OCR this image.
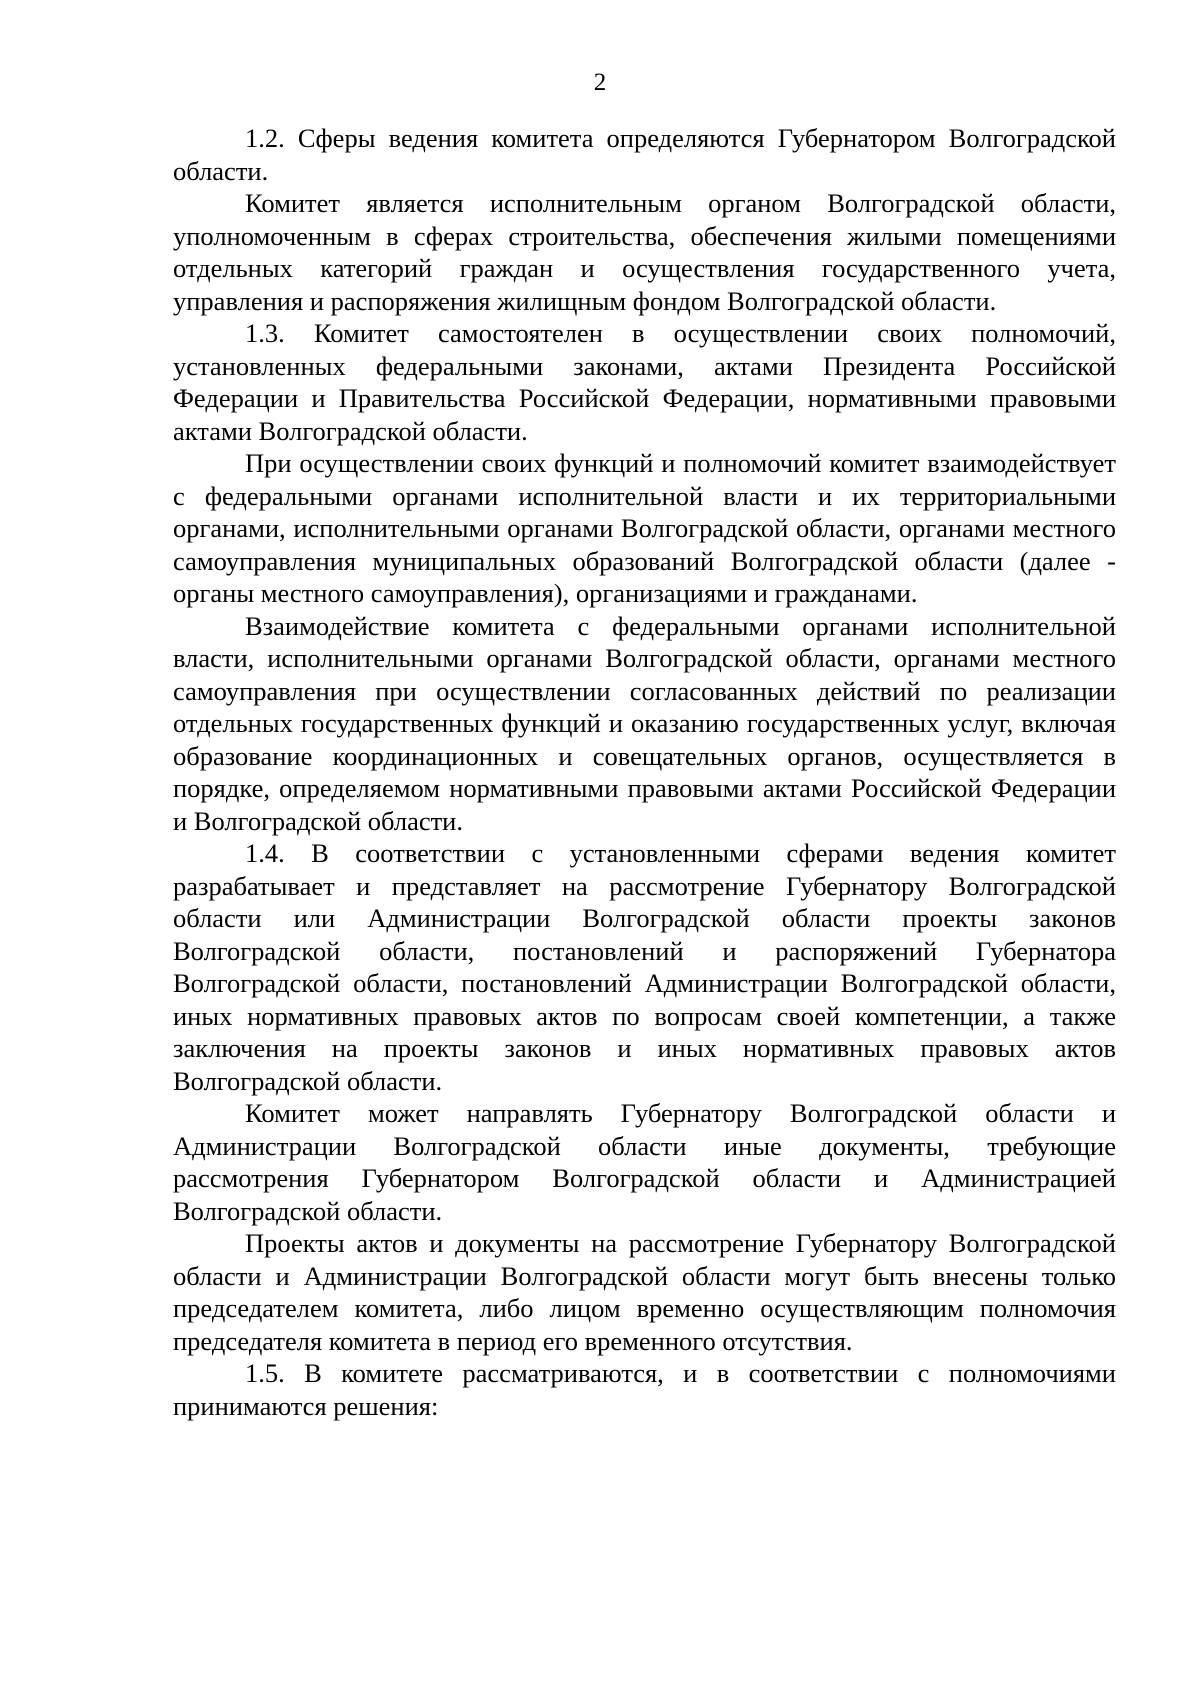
2

1.2. Сферы ведения комитета определяются Губернатором Волгоградской области.

Комитет является исполнительным органом Волгоградской области, уполномоченным в сферах строительства, обеспечения жилыми помещениями отдельных категорий граждан и осуществления государственного учета, управления и распоряжения жилищным фондом Волгоградской области.

1.3. Комитет самостоятелен в осуществлении своих полномочий, установленных федеральными законами, актами Президента Российской Федерации и Правительства Российской Федерации, нормативными правовыми актами Волгоградской области.

При осуществлении своих функций и полномочий комитет взаимодействует с федеральными органами исполнительной власти и их территориальными органами, исполнительными органами Волгоградской области, органами местного самоуправления муниципальных образований Волгоградской области (далее - органы местного самоуправления), организациями и гражданами.

Взаимодействие комитета с федеральными органами исполнительной власти, исполнительными органами Волгоградской области, органами местного самоуправления при осуществлении согласованных действий по реализации отдельных государственных функций и оказанию государственных услуг, включая образование координационных и совещательных органов, осуществляется в порядке, определяемом нормативными правовыми актами Российской Федерации и Волгоградской области.

1.4. В соответствии с установленными сферами ведения комитет разрабатывает и представляет на рассмотрение Губернатору Волгоградской области или Администрации Волгоградской области проекты законов Волгоградской области, постановлений и распоряжений Губернатора Волгоградской области, постановлений Администрации Волгоградской области, иных нормативных правовых актов по вопросам своей компетенции, а также заключения на проекты законов и иных нормативных правовых актов Волгоградской области.

Комитет может направлять Губернатору Волгоградской области и Администрации Волгоградской области иные документы, требующие рассмотрения Губернатором Волгоградской области и Администрацией Волгоградской области.

Проекты актов и документы на рассмотрение Губернатору Волгоградской области и Администрации Волгоградской области могут быть внесены только председателем комитета, либо лицом временно осуществляющим полномочия председателя комитета в период его временного отсутствия.

1.5. В комитете рассматриваются, и в соответствии с полномочиями принимаются решения:
